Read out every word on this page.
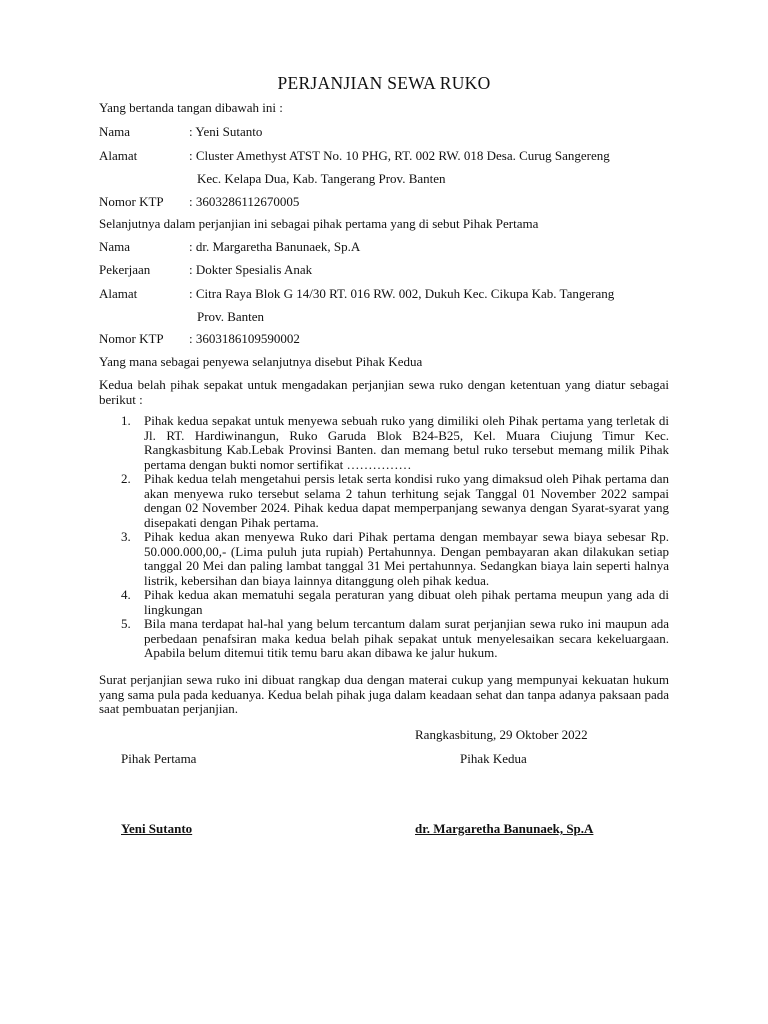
PERJANJIAN SEWA RUKO
Yang bertanda tangan dibawah ini :
Nama	: Yeni Sutanto
Alamat	: Cluster Amethyst ATST No. 10 PHG, RT. 002 RW. 018 Desa. Curug Sangereng
Kec. Kelapa Dua, Kab. Tangerang Prov. Banten
Nomor KTP : 3603286112670005
Selanjutnya dalam perjanjian ini sebagai pihak pertama yang di sebut Pihak Pertama
Nama	: dr. Margaretha Banunaek, Sp.A
Pekerjaan	: Dokter Spesialis Anak
Alamat	: Citra Raya Blok G 14/30 RT. 016 RW. 002, Dukuh Kec. Cikupa Kab. Tangerang
Prov. Banten
Nomor KTP : 3603186109590002
Yang mana sebagai penyewa selanjutnya disebut Pihak Kedua
Kedua belah pihak sepakat untuk mengadakan perjanjian sewa ruko dengan ketentuan yang diatur sebagai berikut :
1. Pihak kedua sepakat untuk menyewa sebuah ruko yang dimiliki oleh Pihak pertama yang terletak di Jl. RT. Hardiwinangun, Ruko Garuda Blok B24-B25, Kel. Muara Ciujung Timur Kec. Rangkasbitung Kab.Lebak Provinsi Banten. dan memang betul ruko tersebut memang milik Pihak pertama dengan bukti nomor sertifikat ……………
2. Pihak kedua telah mengetahui persis letak serta kondisi ruko yang dimaksud oleh Pihak pertama dan akan menyewa ruko tersebut selama 2 tahun terhitung sejak Tanggal 01 November 2022 sampai dengan 02 November 2024. Pihak kedua dapat memperpanjang sewanya dengan Syarat-syarat yang disepakati dengan Pihak pertama.
3. Pihak kedua akan menyewa Ruko dari Pihak pertama dengan membayar sewa biaya sebesar Rp. 50.000.000,00,- (Lima puluh juta rupiah) Pertahunnya. Dengan pembayaran akan dilakukan setiap tanggal 20 Mei dan paling lambat tanggal 31 Mei pertahunnya. Sedangkan biaya lain seperti halnya listrik, kebersihan dan biaya lainnya ditanggung oleh pihak kedua.
4. Pihak kedua akan mematuhi segala peraturan yang dibuat oleh pihak pertama meupun yang ada di lingkungan
5. Bila mana terdapat hal-hal yang belum tercantum dalam surat perjanjian sewa ruko ini maupun ada perbedaan penafsiran maka kedua belah pihak sepakat untuk menyelesaikan secara kekeluargaan. Apabila belum ditemui titik temu baru akan dibawa ke jalur hukum.
Surat perjanjian sewa ruko ini dibuat rangkap dua dengan materai cukup yang mempunyai kekuatan hukum yang sama pula pada keduanya. Kedua belah pihak juga dalam keadaan sehat dan tanpa adanya paksaan pada saat pembuatan perjanjian.
Rangkasbitung, 29 Oktober 2022
Pihak Pertama	Pihak Kedua
Yeni Sutanto	dr. Margaretha Banunaek, Sp.A
